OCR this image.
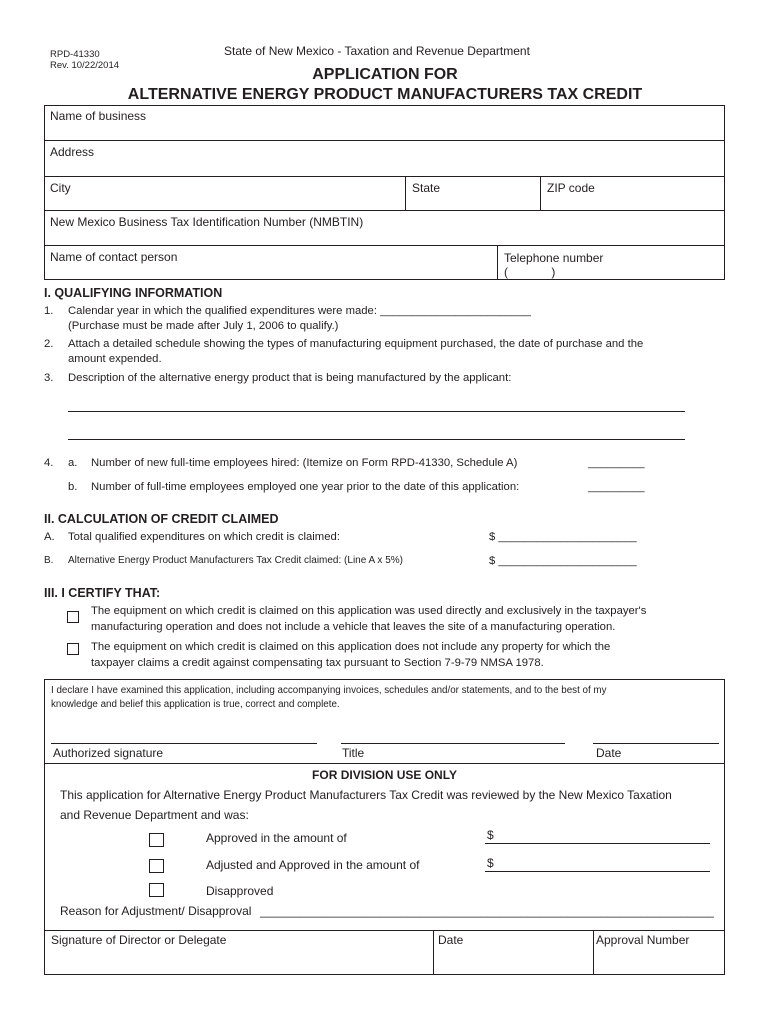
RPD-41330
Rev. 10/22/2014
State of New Mexico - Taxation and Revenue Department
APPLICATION FOR
ALTERNATIVE ENERGY PRODUCT MANUFACTURERS TAX CREDIT
Name of business
Address
City	State	ZIP code
New Mexico Business Tax Identification Number (NMBTIN)
Name of contact person	Telephone number
(             )
I. QUALIFYING INFORMATION
1. Calendar year in which the qualified expenditures were made: ________________________
(Purchase must be made after July 1, 2006 to qualify.)
2. Attach a detailed schedule showing the types of manufacturing equipment purchased, the date of purchase and the
amount expended.
3. Description of the alternative energy product that is being manufactured by the applicant:
4. a. Number of new full-time employees hired: (Itemize on Form RPD-41330, Schedule A)	_________
b. Number of full-time employees employed one year prior to the date of this application:	_________
II. CALCULATION OF CREDIT CLAIMED
A. Total qualified expenditures on which credit is claimed:	$ ______________________
B. Alternative Energy Product Manufacturers Tax Credit claimed: (Line A x 5%)	$ ______________________
III. I CERTIFY THAT:
The equipment on which credit is claimed on this application was used directly and exclusively in the taxpayer's
manufacturing operation and does not include a vehicle that leaves the site of a manufacturing operation.
The equipment on which credit is claimed on this application does not include any property for which the
taxpayer claims a credit against compensating tax pursuant to Section 7-9-79 NMSA 1978.
I declare I have examined this application, including accompanying invoices, schedules and/or statements, and to the best of my
knowledge and belief this application is true, correct and complete.
Authorized signature	Title	Date
FOR DIVISION USE ONLY
This application for Alternative Energy Product Manufacturers Tax Credit was reviewed by the New Mexico Taxation
and Revenue Department and was:
Approved in the amount of	$
Adjusted and Approved in the amount of	$
Disapproved
Reason for Adjustment/ Disapproval ____________________________________________________________________
Signature of Director or Delegate	Date	Approval Number
